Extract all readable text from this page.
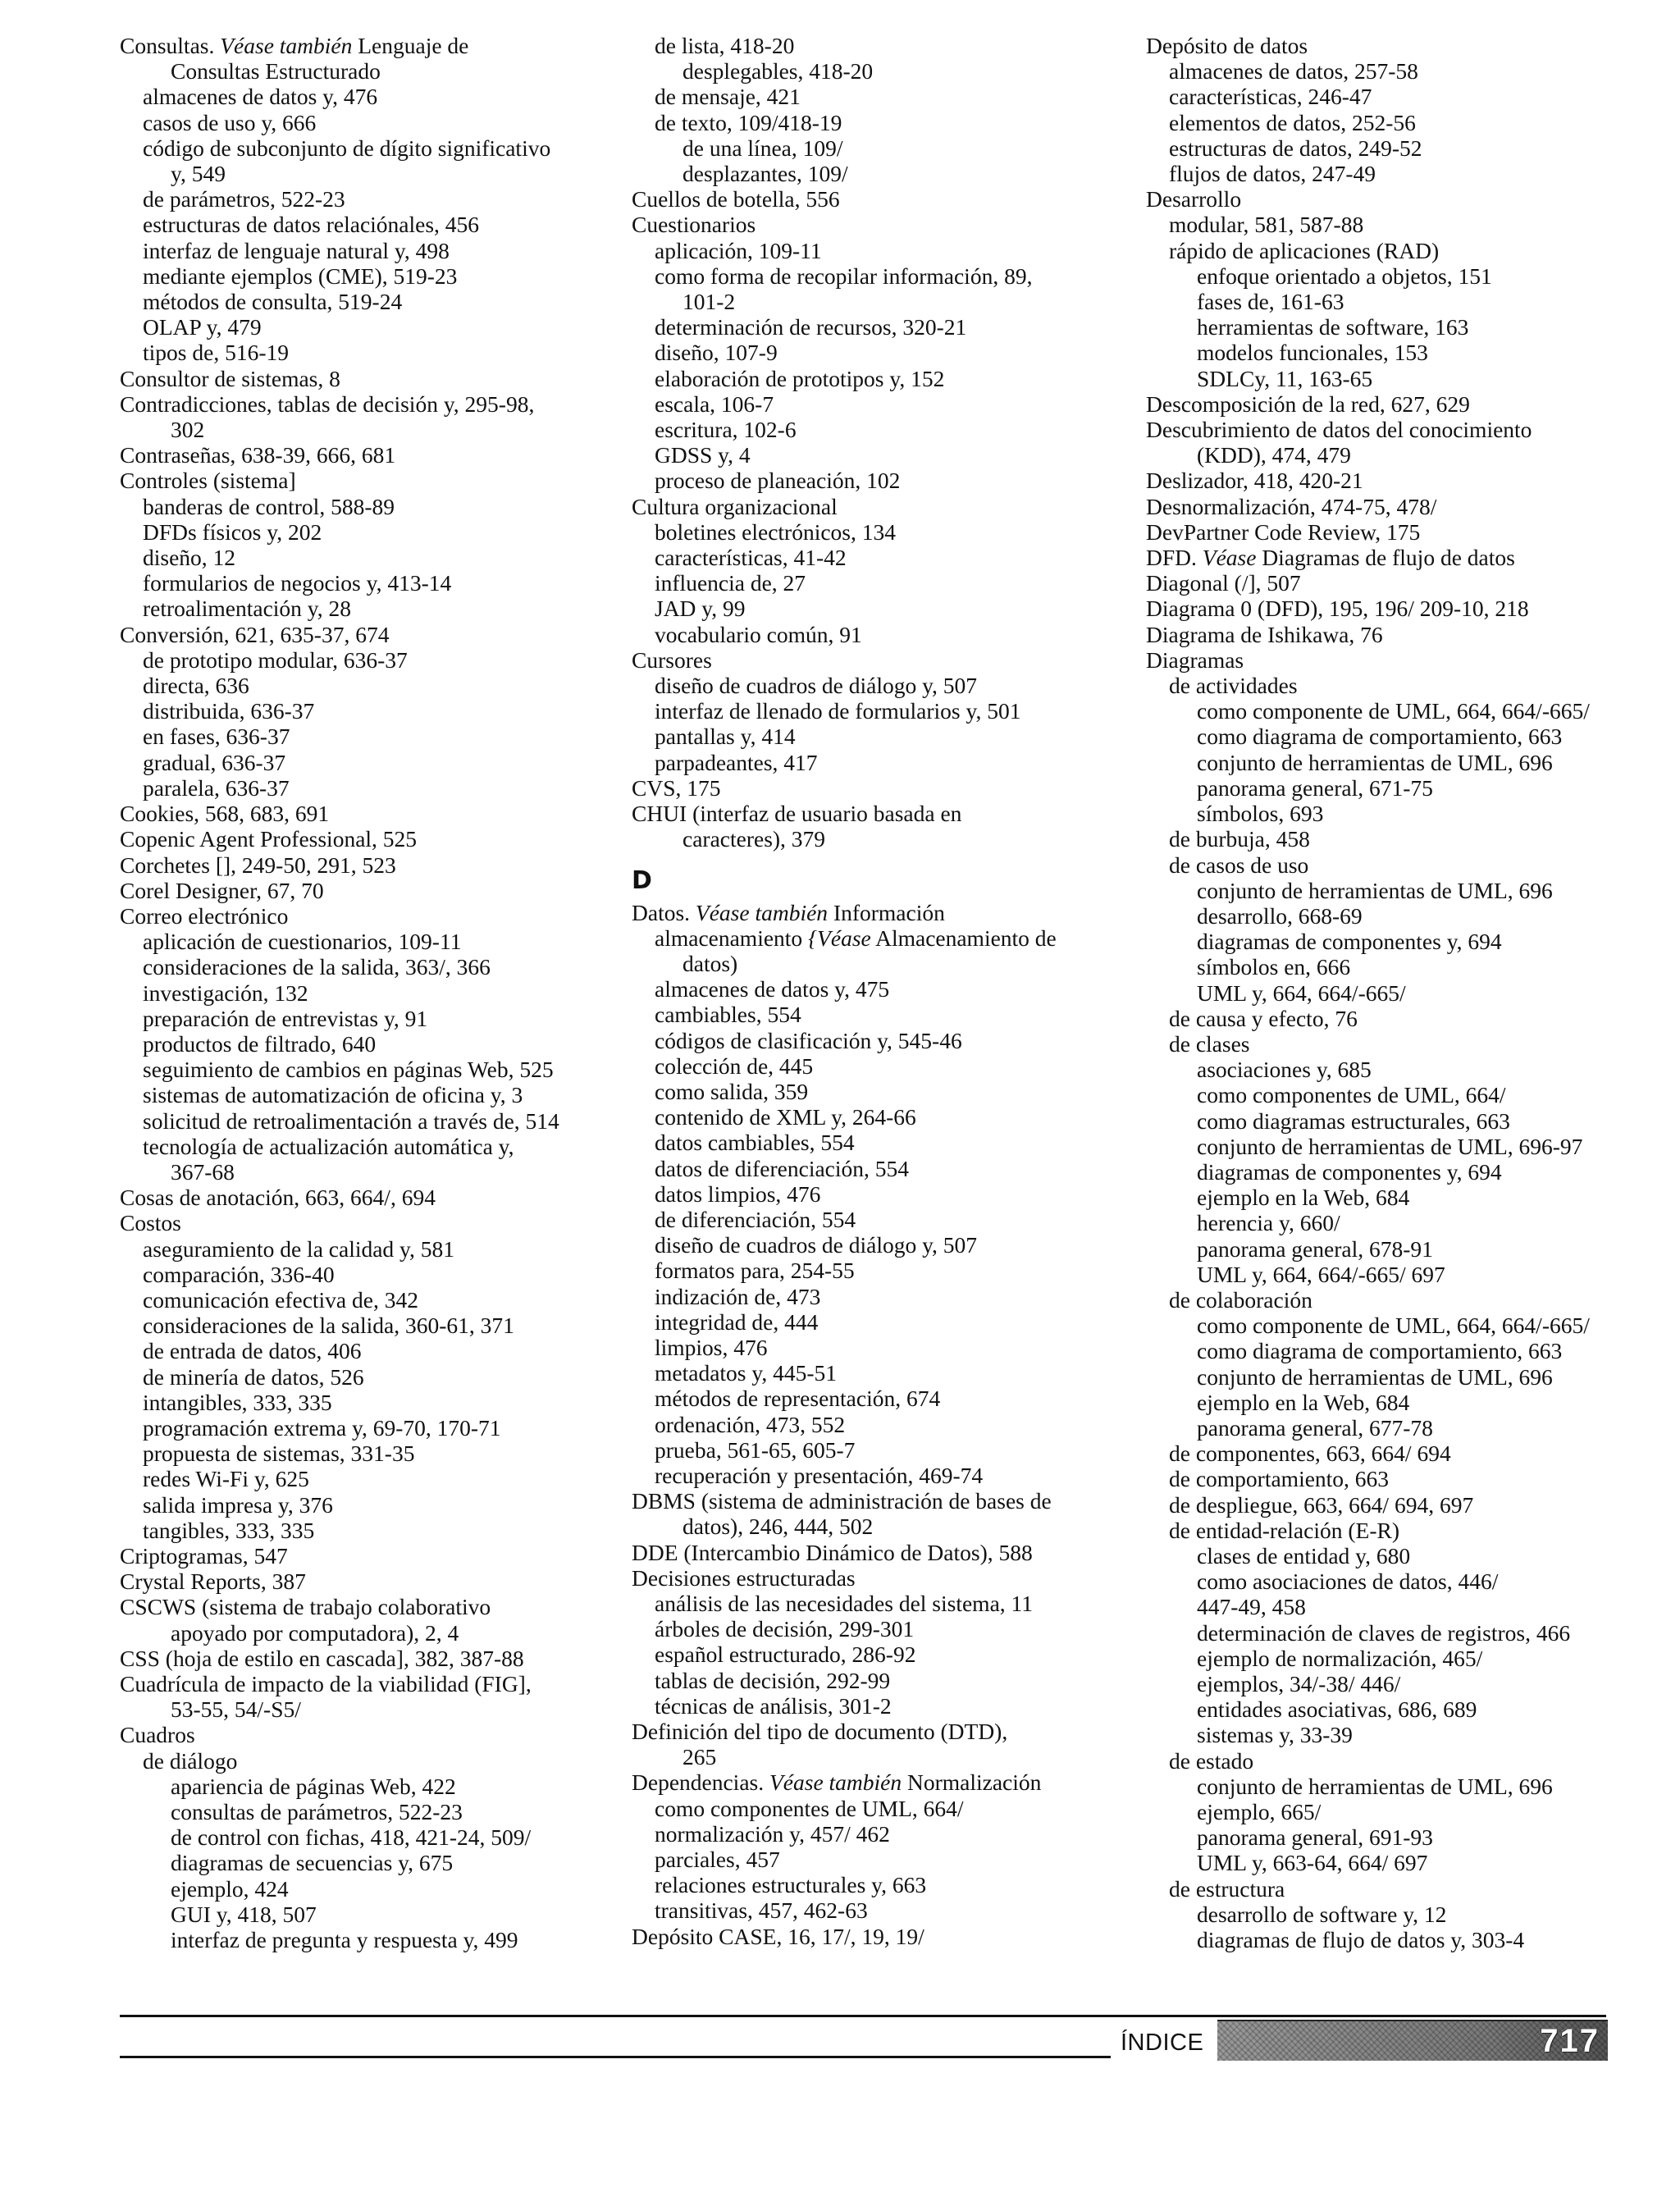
Consultas. Véase también Lenguaje de
Consultas Estructurado
almacenes de datos y, 476
casos de uso y, 666
código de subconjunto de dígito significativo
y, 549
de parámetros, 522-23
estructuras de datos relaciónales, 456
interfaz de lenguaje natural y, 498
mediante ejemplos (CME), 519-23
métodos de consulta, 519-24
OLAP y, 479
tipos de, 516-19
Consultor de sistemas, 8
Contradicciones, tablas de decisión y, 295-98,
302
Contraseñas, 638-39, 666, 681
Controles (sistema]
banderas de control, 588-89
DFDs físicos y, 202
diseño, 12
formularios de negocios y, 413-14
retroalimentación y, 28
Conversión, 621, 635-37, 674
de prototipo modular, 636-37
directa, 636
distribuida, 636-37
en fases, 636-37
gradual, 636-37
paralela, 636-37
Cookies, 568, 683, 691
Copenic Agent Professional, 525
Corchetes [], 249-50, 291, 523
Corel Designer, 67, 70
Correo electrónico
aplicación de cuestionarios, 109-11
consideraciones de la salida, 363/, 366
investigación, 132
preparación de entrevistas y, 91
productos de filtrado, 640
seguimiento de cambios en páginas Web, 525
sistemas de automatización de oficina y, 3
solicitud de retroalimentación a través de, 514
tecnología de actualización automática y,
367-68
Cosas de anotación, 663, 664/, 694
Costos
aseguramiento de la calidad y, 581
comparación, 336-40
comunicación efectiva de, 342
consideraciones de la salida, 360-61, 371
de entrada de datos, 406
de minería de datos, 526
intangibles, 333, 335
programación extrema y, 69-70, 170-71
propuesta de sistemas, 331-35
redes Wi-Fi y, 625
salida impresa y, 376
tangibles, 333, 335
Criptogramas, 547
Crystal Reports, 387
CSCWS (sistema de trabajo colaborativo
apoyado por computadora), 2, 4
CSS (hoja de estilo en cascada], 382, 387-88
Cuadrícula de impacto de la viabilidad (FIG],
53-55, 54/-S5/
Cuadros
de diálogo
apariencia de páginas Web, 422
consultas de parámetros, 522-23
de control con fichas, 418, 421-24, 509/
diagramas de secuencias y, 675
ejemplo, 424
GUI y, 418, 507
interfaz de pregunta y respuesta y, 499
de lista, 418-20
desplegables, 418-20
de mensaje, 421
de texto, 109/418-19
de una línea, 109/
desplazantes, 109/
Cuellos de botella, 556
Cuestionarios
aplicación, 109-11
como forma de recopilar información, 89,
101-2
determinación de recursos, 320-21
diseño, 107-9
elaboración de prototipos y, 152
escala, 106-7
escritura, 102-6
GDSS y, 4
proceso de planeación, 102
Cultura organizacional
boletines electrónicos, 134
características, 41-42
influencia de, 27
JAD y, 99
vocabulario común, 91
Cursores
diseño de cuadros de diálogo y, 507
interfaz de llenado de formularios y, 501
pantallas y, 414
parpadeantes, 417
CVS, 175
CHUI (interfaz de usuario basada en
caracteres), 379
D
Datos. Véase también Información
almacenamiento {Véase Almacenamiento de
datos)
almacenes de datos y, 475
cambiables, 554
códigos de clasificación y, 545-46
colección de, 445
como salida, 359
contenido de XML y, 264-66
datos cambiables, 554
datos de diferenciación, 554
datos limpios, 476
de diferenciación, 554
diseño de cuadros de diálogo y, 507
formatos para, 254-55
indización de, 473
integridad de, 444
limpios, 476
metadatos y, 445-51
métodos de representación, 674
ordenación, 473, 552
prueba, 561-65, 605-7
recuperación y presentación, 469-74
DBMS (sistema de administración de bases de
datos), 246, 444, 502
DDE (Intercambio Dinámico de Datos), 588
Decisiones estructuradas
análisis de las necesidades del sistema, 11
árboles de decisión, 299-301
español estructurado, 286-92
tablas de decisión, 292-99
técnicas de análisis, 301-2
Definición del tipo de documento (DTD),
265
Dependencias. Véase también Normalización
como componentes de UML, 664/
normalización y, 457/ 462
parciales, 457
relaciones estructurales y, 663
transitivas, 457, 462-63
Depósito CASE, 16, 17/, 19, 19/
Depósito de datos
almacenes de datos, 257-58
características, 246-47
elementos de datos, 252-56
estructuras de datos, 249-52
flujos de datos, 247-49
Desarrollo
modular, 581, 587-88
rápido de aplicaciones (RAD)
enfoque orientado a objetos, 151
fases de, 161-63
herramientas de software, 163
modelos funcionales, 153
SDLCy, 11, 163-65
Descomposición de la red, 627, 629
Descubrimiento de datos del conocimiento
(KDD), 474, 479
Deslizador, 418, 420-21
Desnormalización, 474-75, 478/
DevPartner Code Review, 175
DFD. Véase Diagramas de flujo de datos
Diagonal (/], 507
Diagrama 0 (DFD), 195, 196/ 209-10, 218
Diagrama de Ishikawa, 76
Diagramas
de actividades
como componente de UML, 664, 664/-665/
como diagrama de comportamiento, 663
conjunto de herramientas de UML, 696
panorama general, 671-75
símbolos, 693
de burbuja, 458
de casos de uso
conjunto de herramientas de UML, 696
desarrollo, 668-69
diagramas de componentes y, 694
símbolos en, 666
UML y, 664, 664/-665/
de causa y efecto, 76
de clases
asociaciones y, 685
como componentes de UML, 664/
como diagramas estructurales, 663
conjunto de herramientas de UML, 696-97
diagramas de componentes y, 694
ejemplo en la Web, 684
herencia y, 660/
panorama general, 678-91
UML y, 664, 664/-665/ 697
de colaboración
como componente de UML, 664, 664/-665/
como diagrama de comportamiento, 663
conjunto de herramientas de UML, 696
ejemplo en la Web, 684
panorama general, 677-78
de componentes, 663, 664/ 694
de comportamiento, 663
de despliegue, 663, 664/ 694, 697
de entidad-relación (E-R)
clases de entidad y, 680
como asociaciones de datos, 446/
447-49, 458
determinación de claves de registros, 466
ejemplo de normalización, 465/
ejemplos, 34/-38/ 446/
entidades asociativas, 686, 689
sistemas y, 33-39
de estado
conjunto de herramientas de UML, 696
ejemplo, 665/
panorama general, 691-93
UML y, 663-64, 664/ 697
de estructura
desarrollo de software y, 12
diagramas de flujo de datos y, 303-4
ÍNDICE	717
